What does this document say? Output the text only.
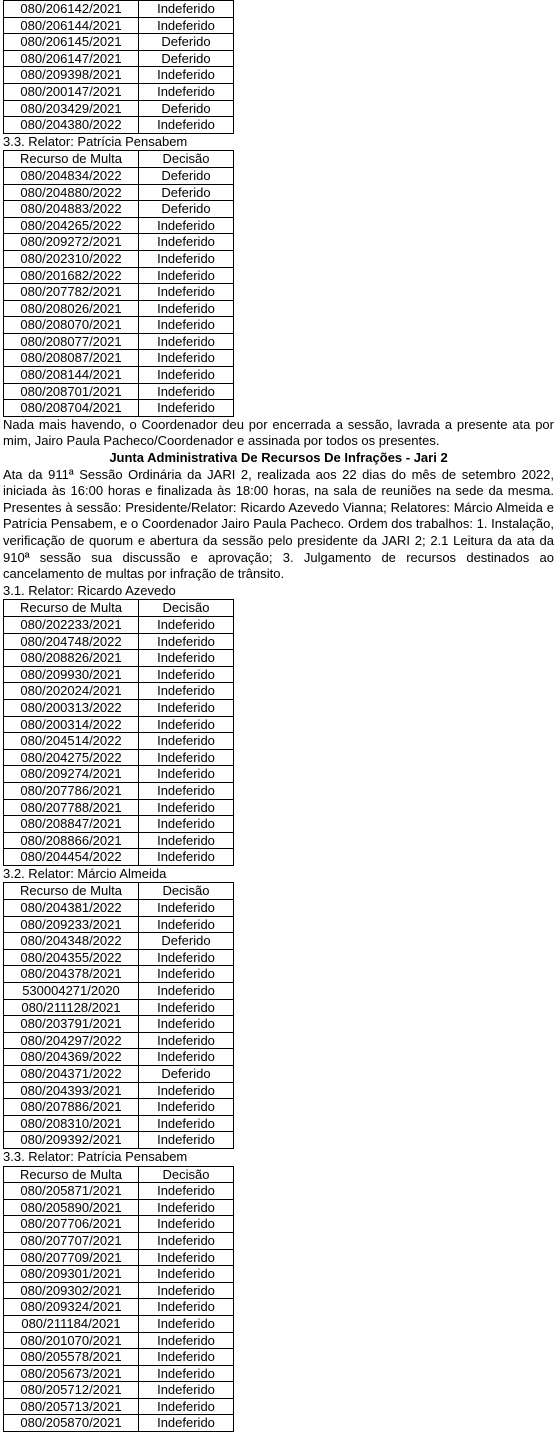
080/206142/2021	Indeferido
080/206144/2021	Indeferido
080/206145/2021	Deferido
080/206147/2021	Deferido
080/209398/2021	Indeferido
080/200147/2021	Indeferido
080/203429/2021	Deferido
080/204380/2022	Indeferido
3.3. Relator: Patrícia Pensabem
Recurso de Multa	Decisão
080/204834/2022	Deferido
080/204880/2022	Deferido
080/204883/2022	Deferido
080/204265/2022	Indeferido
080/209272/2021	Indeferido
080/202310/2022	Indeferido
080/201682/2022	Indeferido
080/207782/2021	Indeferido
080/208026/2021	Indeferido
080/208070/2021	Indeferido
080/208077/2021	Indeferido
080/208087/2021	Indeferido
080/208144/2021	Indeferido
080/208701/2021	Indeferido
080/208704/2021	Indeferido
Nada mais havendo, o Coordenador deu por encerrada a sessão, lavrada a presente ata por mim, Jairo Paula Pacheco/Coordenador e assinada por todos os presentes.
Junta Administrativa De Recursos De Infrações - Jari 2
Ata da 911ª Sessão Ordinária da JARI 2, realizada aos 22 dias do mês de setembro 2022, iniciada às 16:00 horas e finalizada às 18:00 horas, na sala de reuniões na sede da mesma. Presentes à sessão: Presidente/Relator: Ricardo Azevedo Vianna; Relatores: Márcio Almeida e Patrícia Pensabem, e o Coordenador Jairo Paula Pacheco. Ordem dos trabalhos: 1. Instalação, verificação de quorum e abertura da sessão pelo presidente da JARI 2; 2.1 Leitura da ata da 910ª sessão sua discussão e aprovação; 3. Julgamento de recursos destinados ao cancelamento de multas por infração de trânsito.
3.1. Relator: Ricardo Azevedo
Recurso de Multa	Decisão
080/202233/2021	Indeferido
080/204748/2022	Indeferido
080/208826/2021	Indeferido
080/209930/2021	Indeferido
080/202024/2021	Indeferido
080/200313/2022	Indeferido
080/200314/2022	Indeferido
080/204514/2022	Indeferido
080/204275/2022	Indeferido
080/209274/2021	Indeferido
080/207786/2021	Indeferido
080/207788/2021	Indeferido
080/208847/2021	Indeferido
080/208866/2021	Indeferido
080/204454/2022	Indeferido
3.2. Relator: Márcio Almeida
Recurso de Multa	Decisão
080/204381/2022	Indeferido
080/209233/2021	Indeferido
080/204348/2022	Deferido
080/204355/2022	Indeferido
080/204378/2021	Indeferido
530004271/2020	Indeferido
080/211128/2021	Indeferido
080/203791/2021	Indeferido
080/204297/2022	Indeferido
080/204369/2022	Indeferido
080/204371/2022	Deferido
080/204393/2021	Indeferido
080/207886/2021	Indeferido
080/208310/2021	Indeferido
080/209392/2021	Indeferido
3.3. Relator: Patrícia Pensabem
Recurso de Multa	Decisão
080/205871/2021	Indeferido
080/205890/2021	Indeferido
080/207706/2021	Indeferido
080/207707/2021	Indeferido
080/207709/2021	Indeferido
080/209301/2021	Indeferido
080/209302/2021	Indeferido
080/209324/2021	Indeferido
080/211184/2021	Indeferido
080/201070/2021	Indeferido
080/205578/2021	Indeferido
080/205673/2021	Indeferido
080/205712/2021	Indeferido
080/205713/2021	Indeferido
080/205870/2021	Indeferido
